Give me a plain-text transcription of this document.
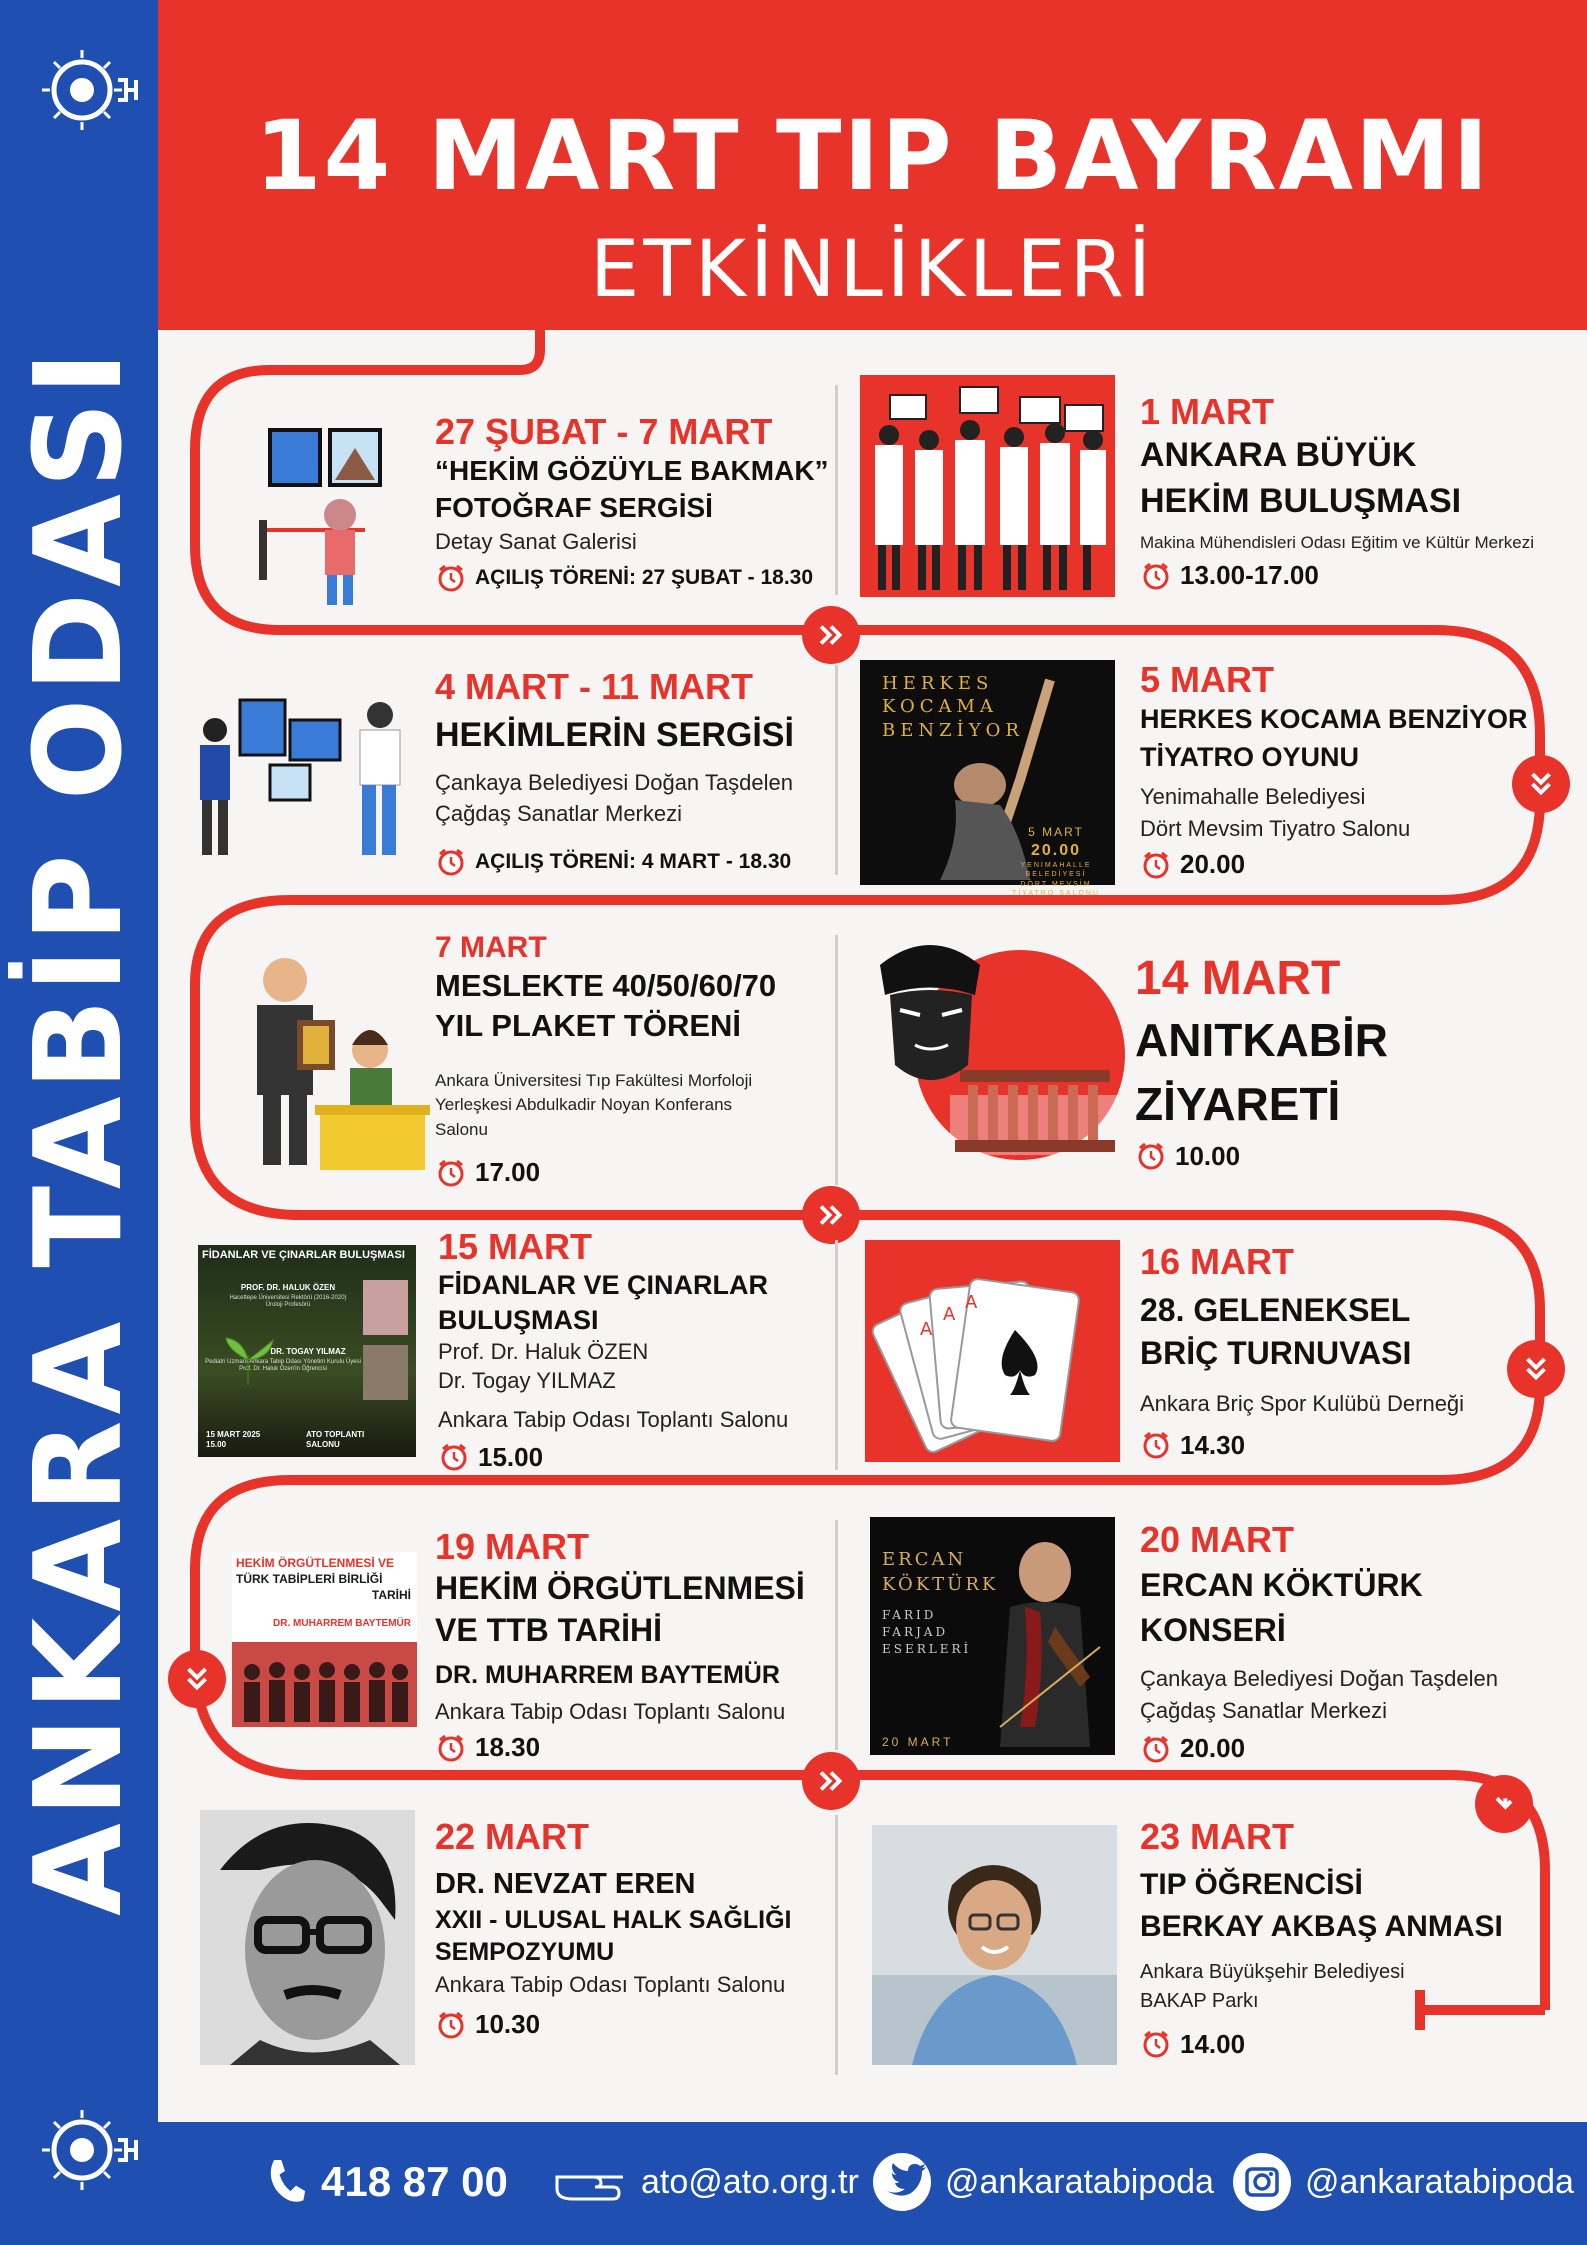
ANKARA TABİP ODASI
14 MART TIP BAYRAMI
ETKİNLİKLERİ
27 ŞUBAT - 7 MART
“HEKİM GÖZÜYLE BAKMAK”
FOTOĞRAF SERGİSİ
Detay Sanat Galerisi
AÇILIŞ TÖRENİ: 27 ŞUBAT - 18.30
1 MART
ANKARA BÜYÜK
HEKİM BULUŞMASI
Makina Mühendisleri Odası Eğitim ve Kültür Merkezi
13.00-17.00
4 MART - 11 MART
HEKİMLERİN SERGİSİ
Çankaya Belediyesi Doğan Taşdelen
Çağdaş Sanatlar Merkezi
AÇILIŞ TÖRENİ: 4 MART - 18.30
HERKES KOCAMA BENZİYOR
5 MART
20.00
YENİMAHALLE BELEDİYESİ DÖRT MEVSİM TİYATRO SALONU
5 MART
HERKES KOCAMA BENZİYOR
TİYATRO OYUNU
Yenimahalle Belediyesi
Dört Mevsim Tiyatro Salonu
20.00
7 MART
MESLEKTE 40/50/60/70
YIL PLAKET TÖRENİ
Ankara Üniversitesi Tıp Fakültesi Morfoloji
Yerleşkesi Abdulkadir Noyan Konferans
Salonu
17.00
14 MART
ANITKABİR
ZİYARETİ
10.00
FİDANLAR VE ÇINARLAR BULUŞMASI
PROF. DR. HALUK ÖZEN
Hacettepe Üniversitesi Rektörü (2016-2020) Üroloji Profesörü
DR. TOGAY YILMAZ
Pediatri Uzmanı Ankara Tabip Odası Yönetim Kurulu Üyesi Prof. Dr. Haluk Özen'in Öğrencisi
15 MART 2025 15.00
ATO TOPLANTI SALONU
15 MART
FİDANLAR VE ÇINARLAR
BULUŞMASI
Prof. Dr. Haluk ÖZEN
Dr. Togay YILMAZ
Ankara Tabip Odası Toplantı Salonu
15.00
A
A
A
16 MART
28. GELENEKSEL
BRİÇ TURNUVASI
Ankara Briç Spor Kulübü Derneği
14.30
HEKİM ÖRGÜTLENMESİ VE
TÜRK TABİPLERİ BİRLİĞİ
TARİHİ
DR. MUHARREM BAYTEMÜR
19 MART
HEKİM ÖRGÜTLENMESİ
VE TTB TARİHİ
DR. MUHARREM BAYTEMÜR
Ankara Tabip Odası Toplantı Salonu
18.30
ERCAN
KÖKTÜRK
FARID
FARJAD
ESERLERİ
20 MART
20 MART
ERCAN KÖKTÜRK
KONSERİ
Çankaya Belediyesi Doğan Taşdelen
Çağdaş Sanatlar Merkezi
20.00
22 MART
DR. NEVZAT EREN
XXII - ULUSAL HALK SAĞLIĞI
SEMPOZYUMU
Ankara Tabip Odası Toplantı Salonu
10.30
23 MART
TIP ÖĞRENCİSİ
BERKAY AKBAŞ ANMASI
Ankara Büyükşehir Belediyesi
BAKAP Parkı
14.00
418 87 00	ato@ato.org.tr	@ankaratabipoda	@ankaratabipoda
